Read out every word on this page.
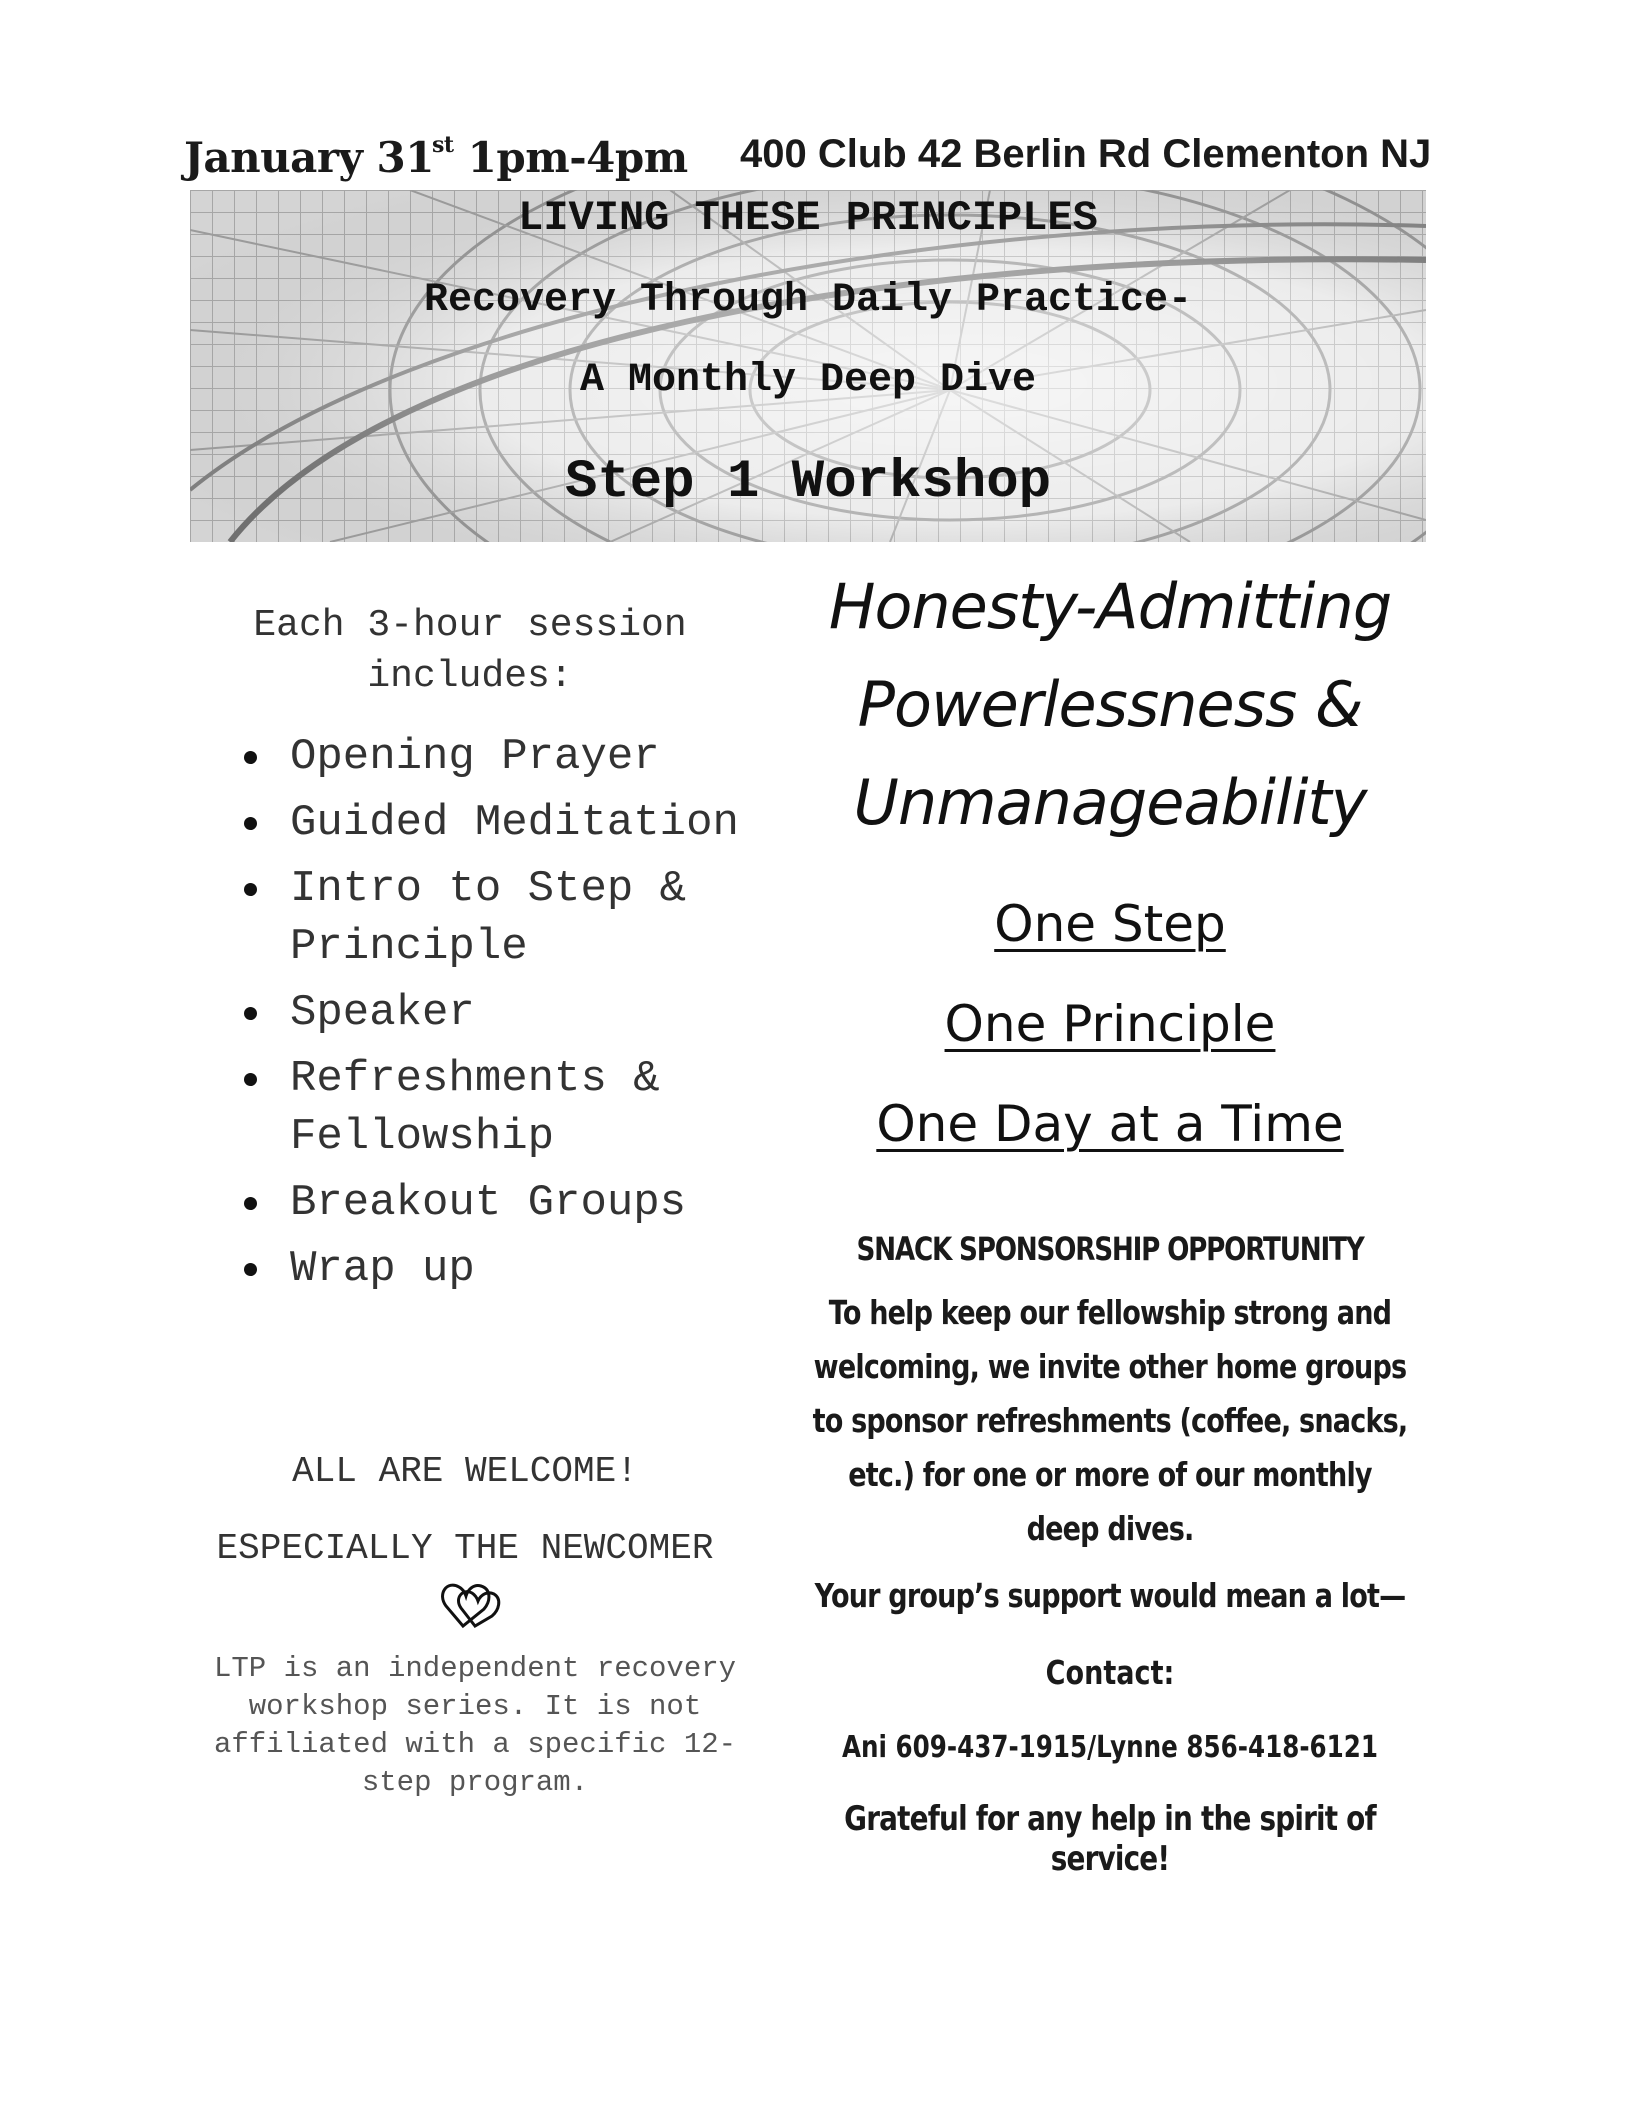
January 31st 1pm-4pm 400 Club 42 Berlin Rd Clementon NJ
LIVING THESE PRINCIPLES
Recovery Through Daily Practice-
A Monthly Deep Dive
Step 1 Workshop

Each 3-hour session includes:

Opening Prayer
Guided Meditation
Intro to Step & Principle
Speaker
Refreshments & Fellowship
Breakout Groups
Wrap up

ALL ARE WELCOME!

ESPECIALLY THE NEWCOMER

LTP is an independent recovery workshop series. It is not affiliated with a specific 12-step program.

Honesty-Admitting Powerlessness & Unmanageability

One Step

One Principle

One Day at a Time

SNACK SPONSORSHIP OPPORTUNITY

To help keep our fellowship strong and welcoming, we invite other home groups to sponsor refreshments (coffee, snacks, etc.) for one or more of our monthly deep dives.

Your group’s support would mean a lot—

Contact:

Ani 609-437-1915/Lynne 856-418-6121

Grateful for any help in the spirit of service!
